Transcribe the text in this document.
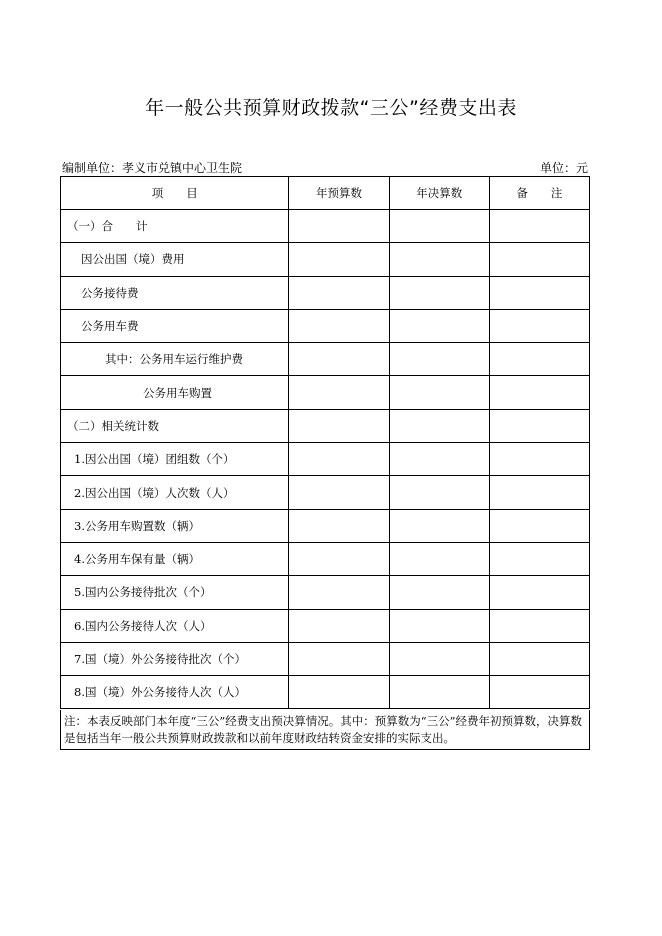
年一般公共预算财政拨款“三公”经费支出表
编制单位：孝义市兑镇中心卫生院	单位：元
项　　目	年预算数	年决算数	备　　注
（一）合　　计			
因公出国（境）费用			
公务接待费			
公务用车费			
其中：公务用车运行维护费			
公务用车购置			
（二）相关统计数			
1.因公出国（境）团组数（个）			
2.因公出国（境）人次数（人）			
3.公务用车购置数（辆）			
4.公务用车保有量（辆）			
5.国内公务接待批次（个）			
6.国内公务接待人次（人）			
7.国（境）外公务接待批次（个）			
8.国（境）外公务接待人次（人）			
注：本表反映部门本年度“三公”经费支出预决算情况。其中：预算数为“三公”经费年初预算数，决算数是包括当年一般公共预算财政拨款和以前年度财政结转资金安排的实际支出。
